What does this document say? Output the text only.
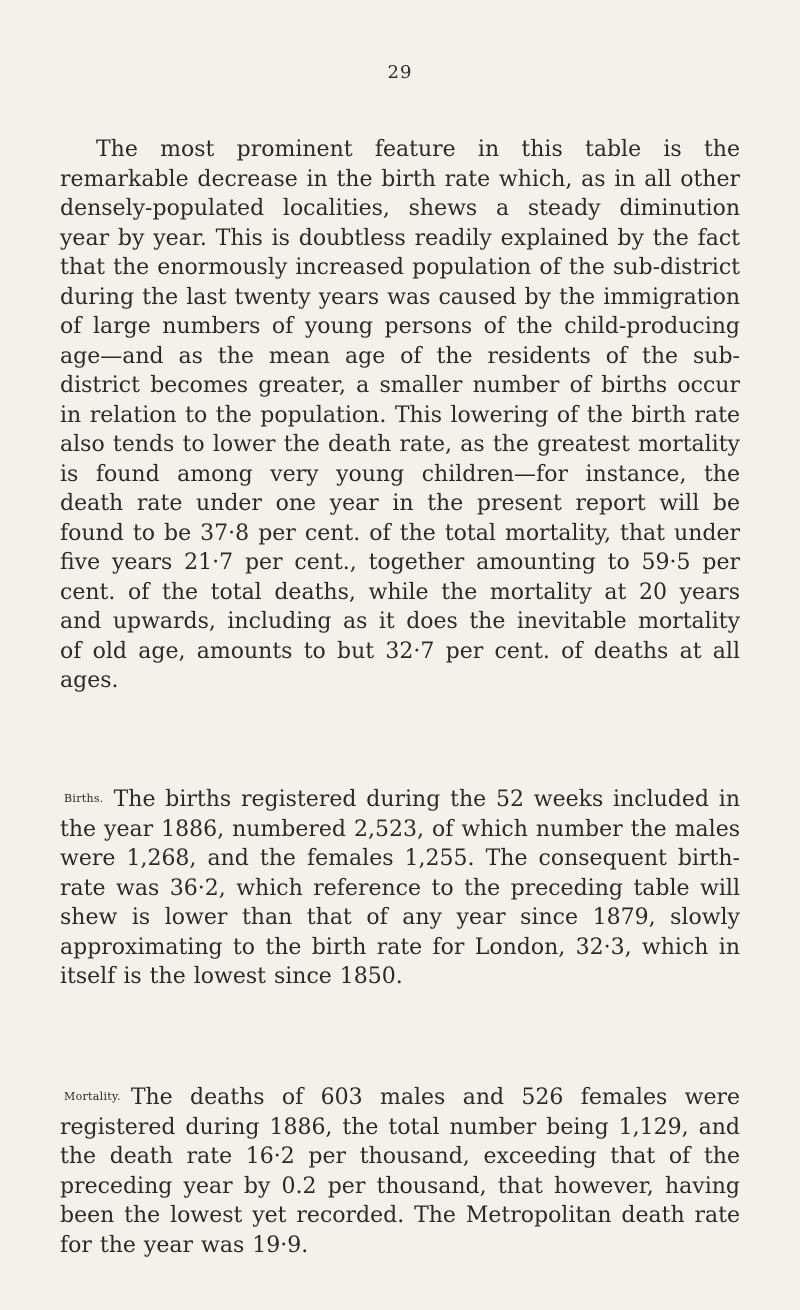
29

The most prominent feature in this table is the remarkable decrease in the birth rate which, as in all other densely-populated localities, shews a steady diminution year by year. This is doubtless readily explained by the fact that the enormously increased population of the sub-district during the last twenty years was caused by the immigration of large numbers of young persons of the child-producing age—and as the mean age of the residents of the sub-district becomes greater, a smaller number of births occur in relation to the population. This lowering of the birth rate also tends to lower the death rate, as the greatest mortality is found among very young children—for instance, the death rate under one year in the present report will be found to be 37·8 per cent. of the total mortality, that under five years 21·7 per cent., together amounting to 59·5 per cent. of the total deaths, while the mortality at 20 years and upwards, including as it does the inevitable mortality of old age, amounts to but 32·7 per cent. of deaths at all ages.

Births. The births registered during the 52 weeks included in the year 1886, numbered 2,523, of which number the males were 1,268, and the females 1,255. The consequent birth-rate was 36·2, which reference to the preceding table will shew is lower than that of any year since 1879, slowly approximating to the birth rate for London, 32·3, which in itself is the lowest since 1850.

Mortality. The deaths of 603 males and 526 females were registered during 1886, the total number being 1,129, and the death rate 16·2 per thousand, exceeding that of the preceding year by 0.2 per thousand, that however, having been the lowest yet recorded. The Metropolitan death rate for the year was 19·9.
